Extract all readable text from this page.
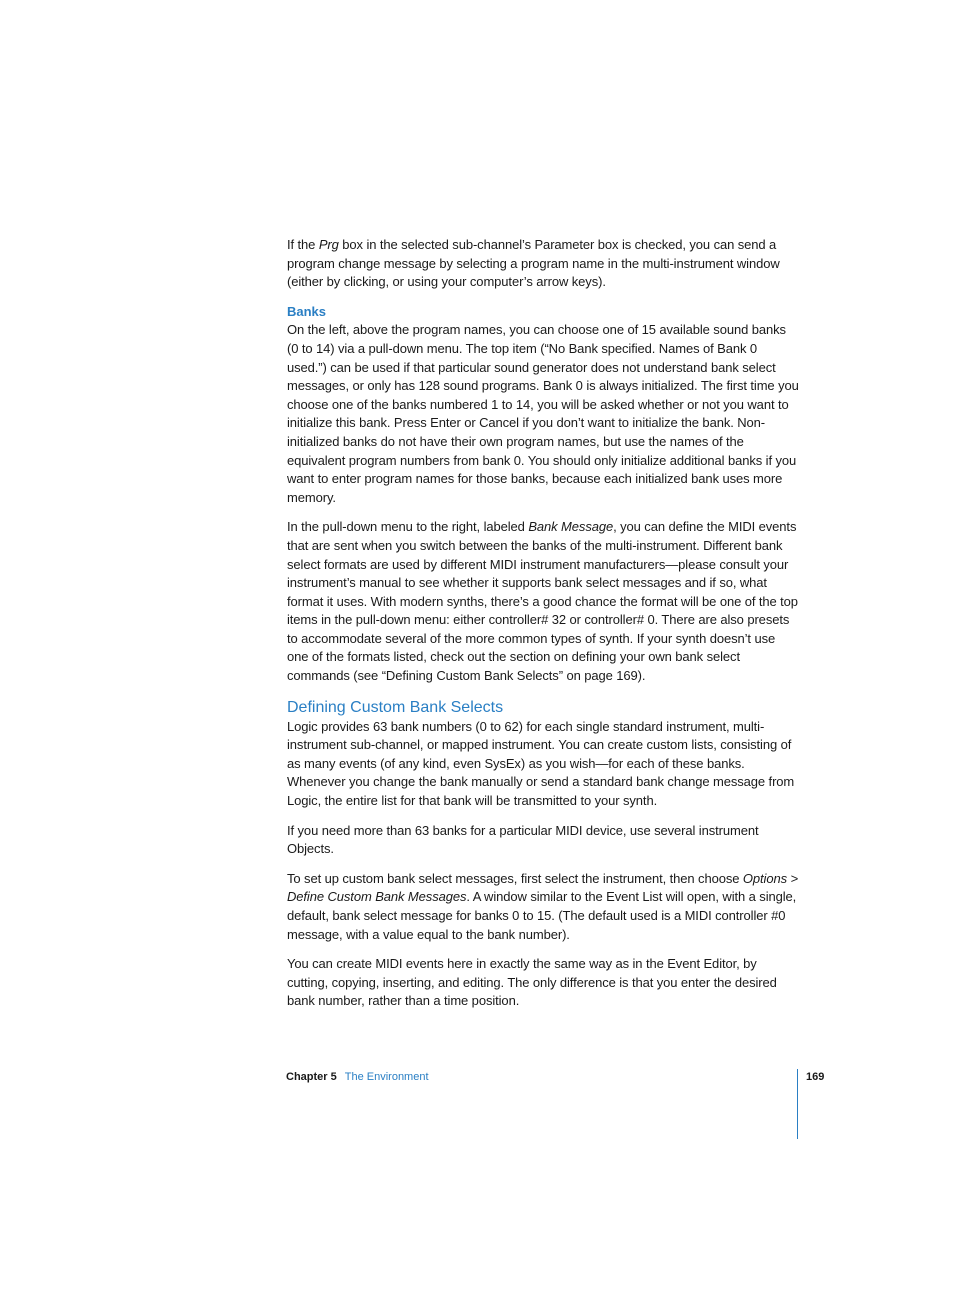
If the Prg box in the selected sub-channel’s Parameter box is checked, you can send a program change message by selecting a program name in the multi-instrument window (either by clicking, or using your computer’s arrow keys).

Banks

On the left, above the program names, you can choose one of 15 available sound banks (0 to 14) via a pull-down menu. The top item (“No Bank specified. Names of Bank 0 used.”) can be used if that particular sound generator does not understand bank select messages, or only has 128 sound programs. Bank 0 is always initialized. The first time you choose one of the banks numbered 1 to 14, you will be asked whether or not you want to initialize this bank. Press Enter or Cancel if you don’t want to initialize the bank. Non-initialized banks do not have their own program names, but use the names of the equivalent program numbers from bank 0. You should only initialize additional banks if you want to enter program names for those banks, because each initialized bank uses more memory.

In the pull-down menu to the right, labeled Bank Message, you can define the MIDI events that are sent when you switch between the banks of the multi-instrument. Different bank select formats are used by different MIDI instrument manufacturers—please consult your instrument’s manual to see whether it supports bank select messages and if so, what format it uses. With modern synths, there’s a good chance the format will be one of the top items in the pull-down menu: either controller# 32 or controller# 0. There are also presets to accommodate several of the more common types of synth. If your synth doesn’t use one of the formats listed, check out the section on defining your own bank select commands (see “Defining Custom Bank Selects” on page 169).

Defining Custom Bank Selects

Logic provides 63 bank numbers (0 to 62) for each single standard instrument, multi-instrument sub-channel, or mapped instrument. You can create custom lists, consisting of as many events (of any kind, even SysEx) as you wish—for each of these banks. Whenever you change the bank manually or send a standard bank change message from Logic, the entire list for that bank will be transmitted to your synth.

If you need more than 63 banks for a particular MIDI device, use several instrument Objects.

To set up custom bank select messages, first select the instrument, then choose Options > Define Custom Bank Messages. A window similar to the Event List will open, with a single, default, bank select message for banks 0 to 15. (The default used is a MIDI controller #0 message, with a value equal to the bank number).

You can create MIDI events here in exactly the same way as in the Event Editor, by cutting, copying, inserting, and editing. The only difference is that you enter the desired bank number, rather than a time position.

Chapter 5 The Environment	169
